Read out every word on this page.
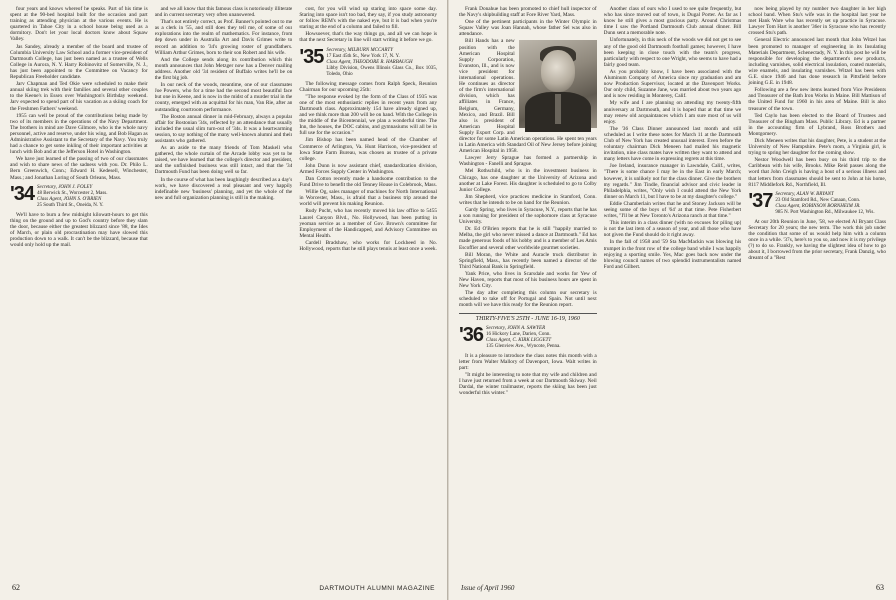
four years and knows whereof he speaks. Part of his time is spent at the 90-bed hospital built for the occasion and part training as attending physician at the various events. He is quartered in Tahoe City in a school house being used as a dormitory. Don't let your local doctors know about Squaw Valley.

Jas Sandey, already a member of the board and trustee of Columbia University Law School and a former vice-president of Dartmouth College, has just been named as a trustee of Wells College in Aurora, N. Y. Harry Robinovitz of Somerville, N. J., has just been appointed to the Committee on Vacancy for Republican Freeholder candidate.

Jarv Chapman and Ted Okie were scheduled to make their annual skiing trek with their families and several other couples to the Keene's in Essex over Washington's Birthday weekend. Jarv expected to spend part of his vacation as a skiing coach for the Freshmen Fathers' weekend.

1955 can well be proud of the contributions being made by two of its members in the operations of the Navy Department. The brothers in mind are Dave Gilmore, who is the whole navy personnel, active and reserve, under his wing, and Bob Hagan as Administrative Assistant to the Secretary of the Navy. You truly had a chance to get some inkling of their important activities at lunch with Bob and at the Jefferson Hotel in Washington.

We have just learned of the passing of two of our classmates and wish to share news of the sadness with you. Dr. Philo L. Bern Greenwich, Conn.; Edward H. Kedesell, Winchester, Mass.; and Jonathan Loring of South Orleans, Mass.

'34 Secretary, JOHN J. FOLEY
48 Berwick St., Worcester 2, Mass.
Class Agent, JOHN S. O'BRIEN
25 South Third St., Oneida, N. Y.

We'll have to burn a few midnight kilowatt-hours to get this thing on the ground and up to God's country before they slam the door, because either the greatest blizzard since '88, the Ides of March, or plain old procrastination may have slowed this production down to a walk. It can't be the blizzard, because that would only hold up the mail.

and we all know that this famous class is notoriously illiterate and in current secretary very often unanswered.

That's not entirely correct, as Prof. Banner's pointed out to me as a clerk in '55, and still does they tell me, of some of our explorations into the realm of mathematics. For instance, from dep down under in Australia Art and Davis Grimes write to record an addition to '34's growing roster of grandfathers. William Arthur Grimes, born to their son Robert and his wife.

And the College sends along its contribution which this month announces that John Metzger now has a Denver mailing address. Another old '34 resident of Buffalo writes he'll be on the first big job.

In our neck of the woods, meantime, one of our classmates Joe Powers, who for a time had the second most beautiful face but one in Keene, and is now in the midst of a murder trial in the county, emerged with an acquittal for his man, Van Rie, after an outstanding courtroom performance.

The Boston annual dinner in mid-February, always a popular affair for Bostonian '34s, reflected by an attendance that usually included the usual slim turn-out of '34s. It was a heartwarming session, to say nothing of the many well-known alumni and their assistants who gathered.

As an aside to the many friends of Tom Maskell who gathered, the whole curtain of the Arcade lobby was yet to be raised, we have learned that the college's director and president, and the unfinished business was still intact, and that the '34 Dartmouth Fund has been doing well so far.

In the course of what has been laughingly described as a day's work, we have discovered a real pleasant and very happily indefinable new 'business' planning, and yet the whole of the new and full organization planning is still in the making.

cost, for you will wind up staring into space some day. Staring into space isn't too bad, they say, if you study astronomy or follow REM's with the naked eye, but it is bad when you're staring at the end of a column and failed to fill.

Howsoever, that's the way things go, and all we can hope is that the next Secretary in line will start writing it before we go.

'35 Secretary, MILBURN MCCARTY
17 East 45th St., New York 17, N. Y.
Class Agent, THEODORE R. HARBAUGH
Libby Division, Owens Illinois Glass Co., Box 1035, Toledo, Ohio

The following message comes from Ralph Speck, Reunion Chairman for our upcoming 25th:

"The response evoked by the form of the Class of 1935 was one of the most enthusiastic replies in recent years from any Dartmouth class. Approximately 154 have already signed up, and we think more than 200 will be on hand. With the College in the middle of the Bicentennial, we plan a wonderful time. The Inn, the houses, the DOC cabins, and gymnasiums will all be in full use for the occasion."

Jim Bishop has been named head of the Chamber of Commerce of Arlington, Va. Hunt Harrison, vice-president of Iowa State Farm Bureau, was chosen as trustee of a private college.

John Dunn is now assistant chief, standardization division, Armed Forces Supply Center in Washington.

Dan Cotton recently made a handsome contribution to the Fund Drive to benefit the old Tenney House in Colebrook, Mass.

Willie Og, sales manager of machines for North International in Worcester, Mass., is afraid that a business trip around the world will prevent his making Reunion.

Rudy Pucht, who has recently moved his law office to 5455 Laurel Canyon Blvd., No. Hollywood, has been putting in yeoman service as a member of Gov. Brown's committee for Employment of the Handicapped, and Advisory Committee on Mental Health.

Cardell Bradshaw, who works for Lockheed in No. Hollywood, reports that he still plays tennis at least once a week.

62	DARTMOUTH ALUMNI MAGAZINE

Frank Donahue has been promoted to chief hull inspector of the Navy's shipbuilding staff at Fore River Yard, Mass.

One of the pertinent participants in the Winter Olympic in Squaw Valley was Joan Hannah, whose father Sel was also in attendance.

Bill Hands has a new position with the American Hospital Supply Corporation, Evanston, Ill., and is now vice president for international operations. He continues as director of the firm's international division, which has affiliates in France, Belgium, Germany, Mexico, and Brazil. Bill also is president of American Hospital Supply Export Corp. and director for some Latin American operations. He spent ten years in Latin America with Standard Oil of New Jersey before joining American Hospital in 1958.

Lawyer Jerry Sprague has formed a partnership in Washington - Fanelli and Sprague.

Mel Rothschild, who is in the investment business in Chicago, has one daughter at the University of Arizona and another at Lake Forest. His daughter is scheduled to go to Colby Junior College.

Jim Shepherd, vice practices medicine in Stamford, Conn. writes that he intends to be on hand for the Reunion.

Gardy Spring, who lives in Syracuse, N.Y., reports that he has a son running for president of the sophomore class at Syracuse University.

Dr. Ed O'Brien reports that he is still "happily married to Melba, the girl who never missed a dance at Dartmouth." Ed has made generous foods of his hobby and is a member of Les Amis Escoffier and several other worldwide gourmet societies.

Bill Moran, the White and Auracle truck distributor in Springfield, Mass., has recently been named a director of the Third National Bank in Springfield.

Yank Price, who lives in Scarsdale and works for Yew of New Haven, reports that most of his business hours are spent in New York City.

The day after completing this column our secretary is scheduled to take off for Portugal and Spain. Not until next month will we have this ready for the Reunion report.

THIRTY-FIVE'S 25TH - JUNE 16-19, 1960
'36 Secretary, JOHN A. SAWYER
16 Hickory Lane, Darien, Conn.
Class Agent, C. KIRK LIGGETT
135 Glenview Ave., Wyncote, Penna.

It is a pleasure to introduce the class notes this month with a letter from Walter Mallory of Davenport, Iowa. Walt writes in part:

"It might be interesting to note that my wife and children and I have just returned from a week at our Dartmouth Skiway. Neil Dardal, the winter trailmaster, reports the skiing has been just wonderful this winter."

Another class of ours who I used to see quite frequently, but who has since moved out of town, is Dugal Porter. As far as I know he still gives a most gracious party. Around Christmas time I saw the Portland Dartmouth Club annual dinner. Bill Dunn sent a memorable note.

Unfortunately, in this neck of the woods we did not get to see any of the good old Dartmouth football games; however, I have been keeping in close touch with the team's progress, particularly with respect to one Wright, who seems to have had a fairly good team.

As you probably know, I have been associated with the Aluminum Company of America since my graduation and am now Production Supervisor, located at the Davenport Works. Our only child, Suzanne Jane, was married about two years ago and is now residing in Monterey, Calif.

My wife and I are planning on attending my twenty-fifth anniversary at Dartmouth, and it is hoped that at that time we may renew old acquaintances which I am sure most of us will enjoy.

The '36 Class Dinner announced last month and still scheduled as I write these notes for March 11 at the Dartmouth Club of New York has created unusual interest. Even before the voluntary chairman Dick Meneen had mailed his magnetic invitation, nine class mates have written they want to attend and many letters have come in expressing regrets at this time.

Joe Ireland, insurance manager in Lawndale, Calif., writes, "There is some chance I may be in the East in early March; however, it is unlikely not for the class dinner. Give the brothers my regards." Jim Tindle, financial advisor and civic leader in Philadelphia, writes, "Only wish I could attend the New York dinner on March 11, but I have to be at my daughter's college."

Eddie Chamberlain writes that he and Stoney Jackson will be seeing some of the boys of '64' at that time. Pete Fisherbert writes, "I'll be at New Toronto's Arizona ranch at that time."

This interim in a class dinner (with no excuses for piling up) is not the last item of a season of year, and all those who have not given the Fund should do it right away.

In the fall of 1958 and '59 Sta MacMackin was blowing his trumpet in the front row of the college band while I was happily enjoying a sporting smile. Yes, Mac goes back now under the blowing council names of two splendid instrumentalists named Ford and Gilbert.

now being played by my number two daughter in her high school band. When Stu's wife was in the hospital last year he met Hank Ware who has recently set up practice in Syracuse. Lawyer Tom Hart is another '36er in Syracuse who has recently crossed Stu's path.

General Electric announced last month that John Witzel has been promoted to manager of engineering in its Insulating Materials Department, Schenectady, N. Y. In this post he will be responsible for developing the department's new products, including varnishes, solid electrical insulation, coated materials, wire enamels, and insulating varnishes. Witzel has been with G.E. since 1946 and has done research in Pittsfield before joining G.E. in 1948.

Following are a few new items learned from Vice Presidents and Treasurer of the Bath Iron Works in Maine. Bill Mattison of the United Fund for 1960 in his area of Maine. Bill is also treasurer of the town.

Ted Caylo has been elected to the Board of Trustees and Treasurer of the Bingham Mass. Public Library. Ed is a partner in the accounting firm of Lybrand, Ross Brothers and Montgomery.

Dick Meneen writes that his daughter, Pete, is a student at the University of New Hampshire. Pete's mom, a Virginia girl, is trying to spring her daughter for the coming show.

Nestor Woodwell has been busy on his third trip to the Caribbean with his wife, Brooks. Mike Reid passes along the word that John Creigh is having a bout of a serious illness and that letters from classmates should be sent to John at his home, 8117 Middlefork Rd., Northfield, Ill.

'37 Secretary, ALAN W. BRYANT
23 Old Stamford Rd., New Canaan, Conn.
Class Agent, ROBINSON BORNHEIM JR.
985 N. Port Washington Rd., Milwaukee 12, Wis.

At our 20th Reunion in June, '58, we elected Al Bryant Class Secretary for 20 years; the new term. The work this job under the condition that some of us would help him with a column once in a while. '37s, here's to you so, and now it is my privilege (?) to do so. Frankly, we having the slightest idea of how to go about it, I borrowed from the prior secretary, Frank Danzig, who dreamt of a "Rest

Issue of April 1960	63
